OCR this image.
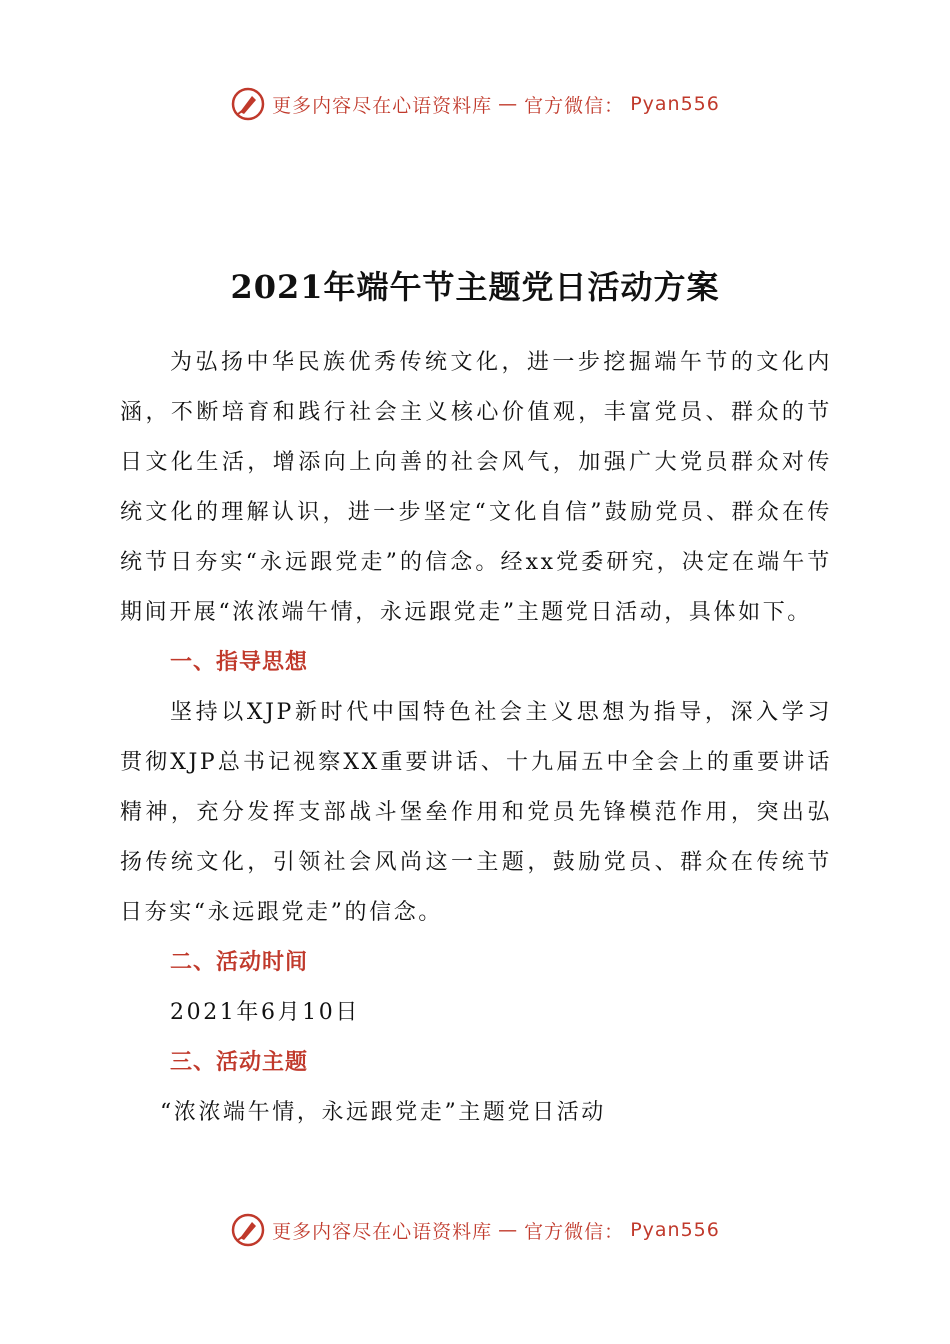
更多内容尽在心语资料库 — 官方微信： Pyan556
2021年端午节主题党日活动方案

为弘扬中华民族优秀传统文化，进一步挖掘端午节的文化内涵，不断培育和践行社会主义核心价值观，丰富党员、群众的节日文化生活，增添向上向善的社会风气，加强广大党员群众对传统文化的理解认识，进一步坚定“文化自信”鼓励党员、群众在传统节日夯实“永远跟党走”的信念。经xx党委研究，决定在端午节期间开展“浓浓端午情，永远跟党走”主题党日活动，具体如下。

一、指导思想

坚持以XJP新时代中国特色社会主义思想为指导，深入学习贯彻XJP总书记视察XX重要讲话、十九届五中全会上的重要讲话精神，充分发挥支部战斗堡垒作用和党员先锋模范作用，突出弘扬传统文化，引领社会风尚这一主题，鼓励党员、群众在传统节日夯实“永远跟党走”的信念。

二、活动时间

2021年6月10日

三、活动主题

“浓浓端午情，永远跟党走”主题党日活动

更多内容尽在心语资料库 — 官方微信： Pyan556
